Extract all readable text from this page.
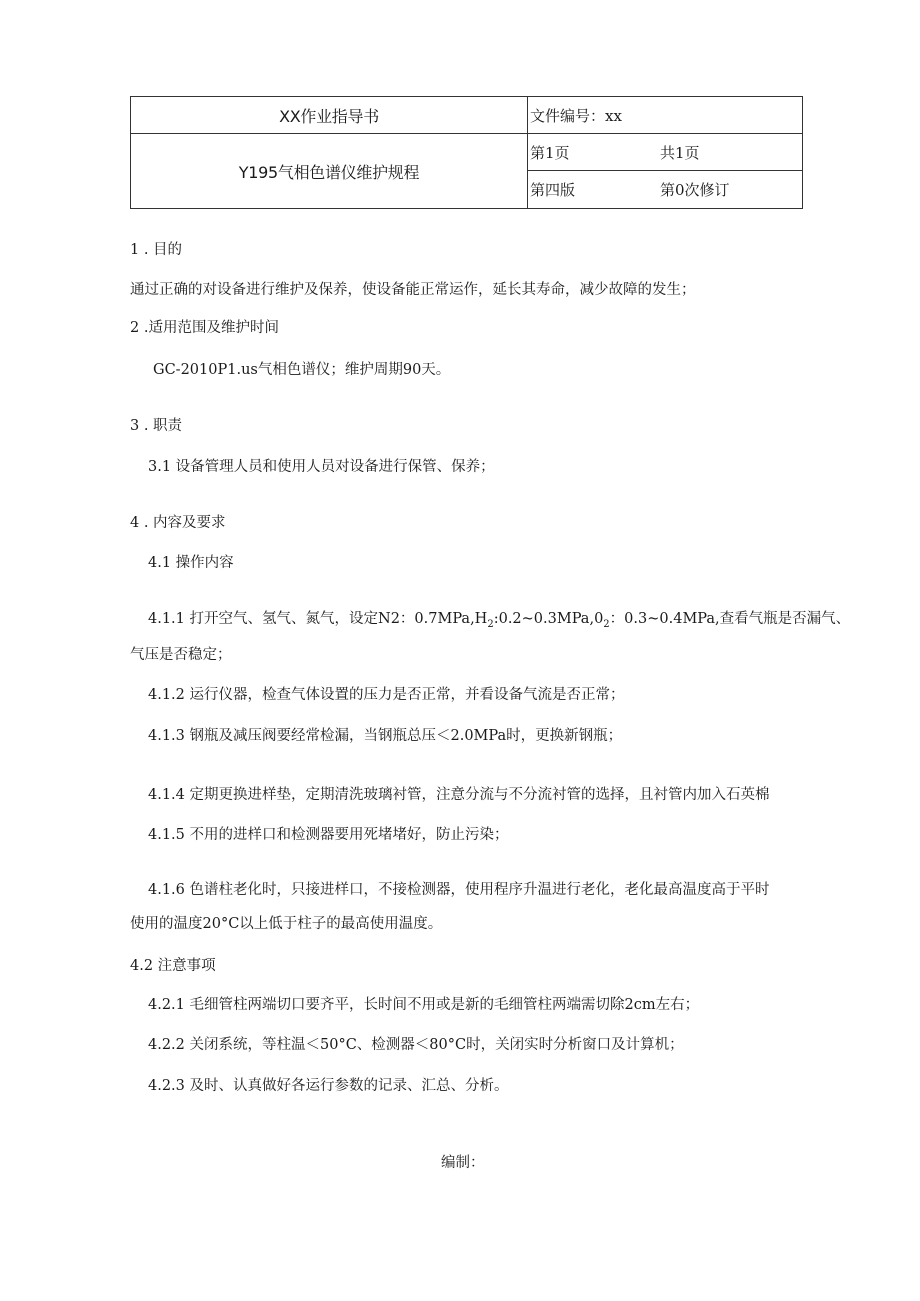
XX作业指导书	文件编号：xx
Y195气相色谱仪维护规程	第1页 共1页
	第四版 第0次修订
1 . 目的
通过正确的对设备进行维护及保养，使设备能正常运作，延长其寿命，减少故障的发生；
2 .适用范围及维护时间
GC-2010P1.us气相色谱仪；维护周期90天。
3 . 职责
3.1 设备管理人员和使用人员对设备进行保管、保养；
4 . 内容及要求
4.1 操作内容
4.1.1 打开空气、氢气、氮气，设定N2：$0.7MPa,H_2:0.2\sim 0.3MPa,0_2$：0.3~0.4MPa,查看气瓶是否漏气、
气压是否稳定；
4.1.2 运行仪器，检查气体设置的压力是否正常，并看设备气流是否正常；
4.1.3 钢瓶及减压阀要经常检漏，当钢瓶总压＜2.0MPa时，更换新钢瓶；
4.1.4 定期更换进样垫，定期清洗玻璃衬管，注意分流与不分流衬管的选择，且衬管内加入石英棉
4.1.5 不用的进样口和检测器要用死堵堵好，防止污染；
4.1.6 色谱柱老化时，只接进样口，不接检测器，使用程序升温进行老化，老化最高温度高于平时
使用的温度20°C以上低于柱子的最高使用温度。
4.2 注意事项
4.2.1 毛细管柱两端切口要齐平，长时间不用或是新的毛细管柱两端需切除2cm左右；
4.2.2 关闭系统，等柱温＜50°C、检测器＜80°C时，关闭实时分析窗口及计算机；
4.2.3 及时、认真做好各运行参数的记录、汇总、分析。
编制：
